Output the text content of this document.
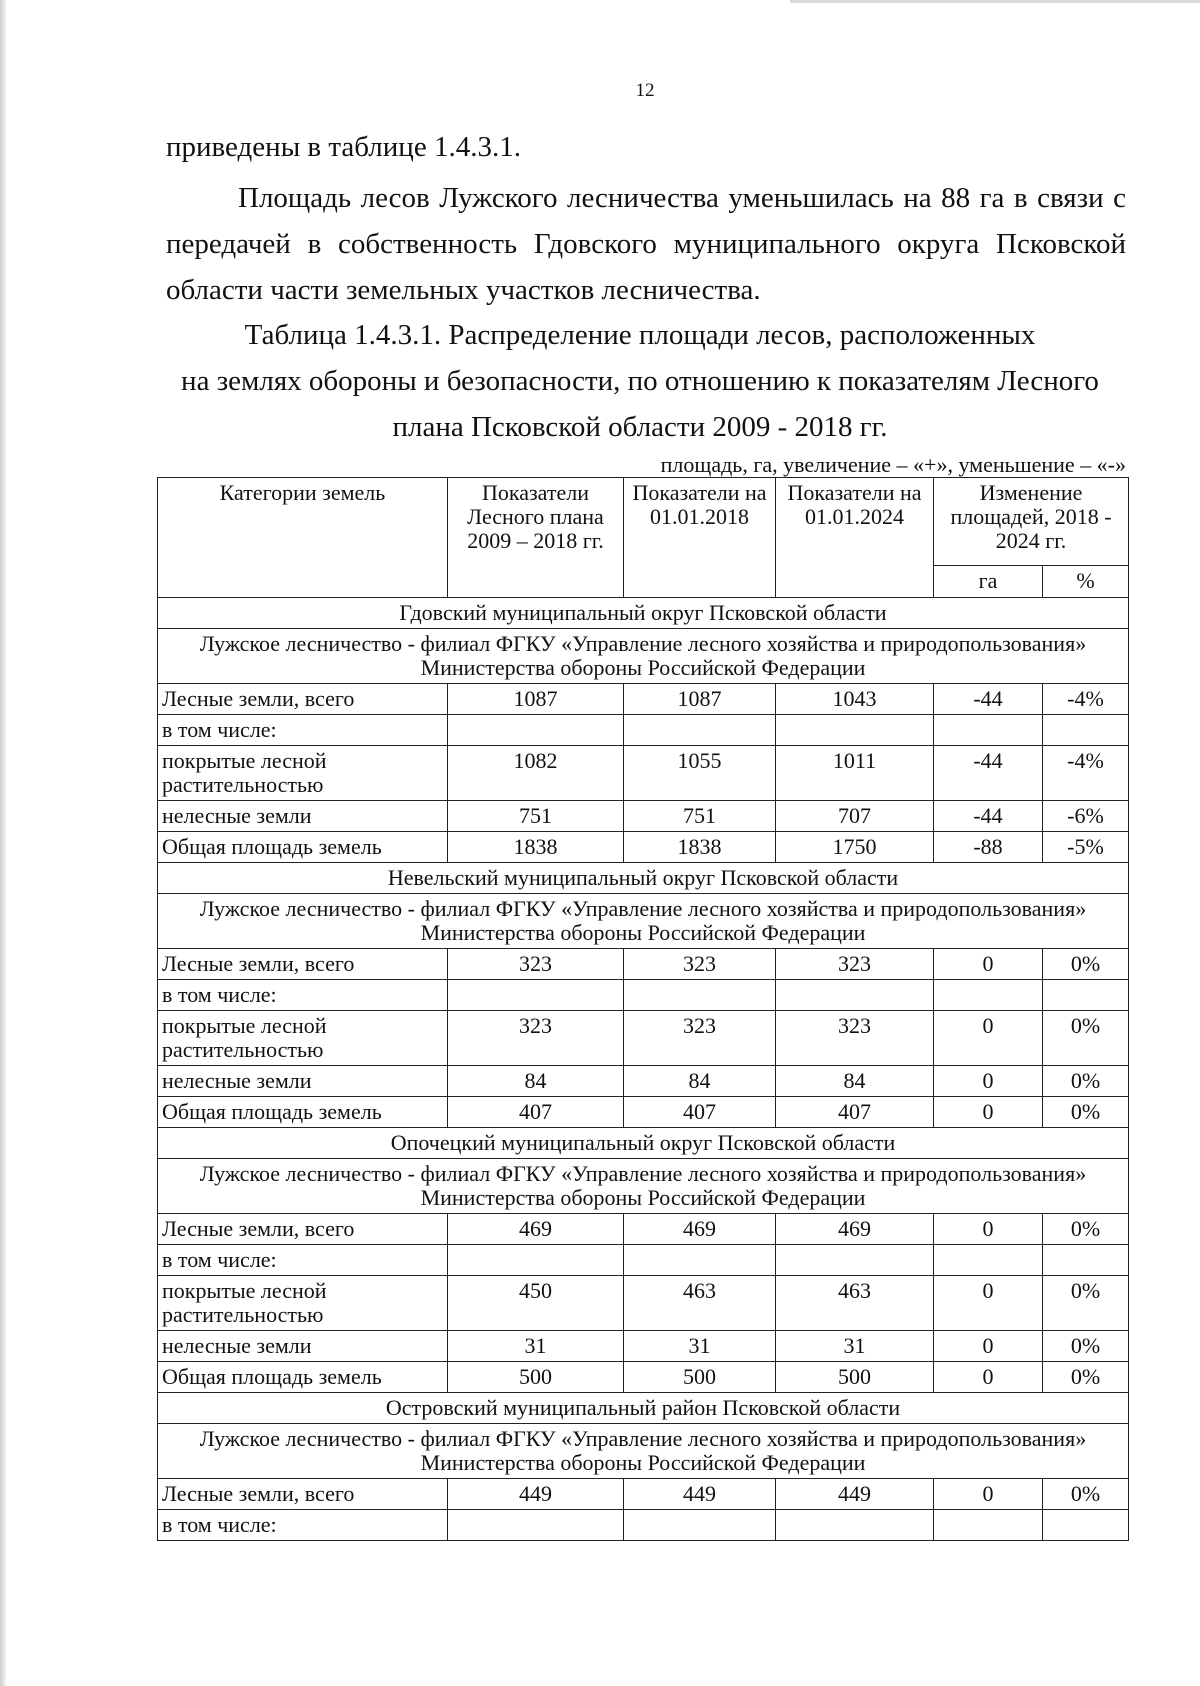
12
приведены в таблице 1.4.3.1.
Площадь лесов Лужского лесничества уменьшилась на 88 га в связи с передачей в собственность Гдовского муниципального округа Псковской области части земельных участков лесничества.
Таблица 1.4.3.1. Распределение площади лесов, расположенных
на землях обороны и безопасности, по отношению к показателям Лесного
плана Псковской области 2009 - 2018 гг.
площадь, га, увеличение – «+», уменьшение – «-»
Категории земель	Показатели Лесного плана 2009 – 2018 гг.	Показатели на 01.01.2018	Показатели на 01.01.2024	Изменение площадей, 2018 - 2024 гг.	
				га	%
Гдовский муниципальный округ Псковской области					
Лужское лесничество - филиал ФГКУ «Управление лесного хозяйства и природопользования» Министерства обороны Российской Федерации					
Лесные земли, всего	1087	1087	1043	-44	-4%
в том числе:					
покрытые лесной растительностью	1082	1055	1011	-44	-4%
нелесные земли	751	751	707	-44	-6%
Общая площадь земель	1838	1838	1750	-88	-5%
Невельский муниципальный округ Псковской области					
Лужское лесничество - филиал ФГКУ «Управление лесного хозяйства и природопользования» Министерства обороны Российской Федерации					
Лесные земли, всего	323	323	323	0	0%
в том числе:					
покрытые лесной растительностью	323	323	323	0	0%
нелесные земли	84	84	84	0	0%
Общая площадь земель	407	407	407	0	0%
Опочецкий муниципальный округ Псковской области					
Лужское лесничество - филиал ФГКУ «Управление лесного хозяйства и природопользования» Министерства обороны Российской Федерации					
Лесные земли, всего	469	469	469	0	0%
в том числе:					
покрытые лесной растительностью	450	463	463	0	0%
нелесные земли	31	31	31	0	0%
Общая площадь земель	500	500	500	0	0%
Островский муниципальный район Псковской области					
Лужское лесничество - филиал ФГКУ «Управление лесного хозяйства и природопользования» Министерства обороны Российской Федерации					
Лесные земли, всего	449	449	449	0	0%
в том числе:					
